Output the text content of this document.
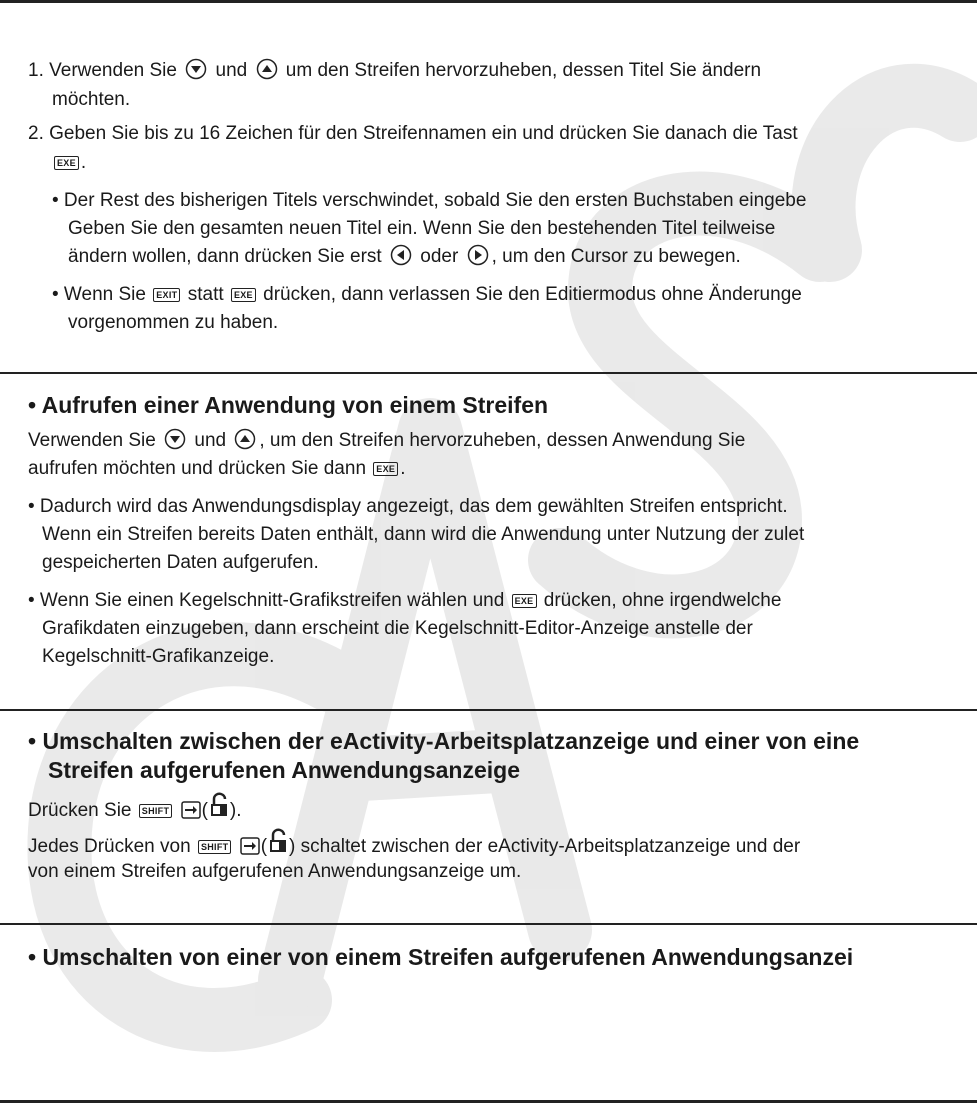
1. Verwenden Sie und um den Streifen hervorzuheben, dessen Titel Sie ändern
möchten.
2. Geben Sie bis zu 16 Zeichen für den Streifennamen ein und drücken Sie danach die Tast
EXE .
• Der Rest des bisherigen Titels verschwindet, sobald Sie den ersten Buchstaben eingebe
Geben Sie den gesamten neuen Titel ein. Wenn Sie den bestehenden Titel teilweise
ändern wollen, dann drücken Sie erst oder , um den Cursor zu bewegen.
• Wenn Sie EXIT statt EXE drücken, dann verlassen Sie den Editiermodus ohne Änderunge
vorgenommen zu haben.
• Aufrufen einer Anwendung von einem Streifen
Verwenden Sie und , um den Streifen hervorzuheben, dessen Anwendung Sie
aufrufen möchten und drücken Sie dann EXE .
• Dadurch wird das Anwendungsdisplay angezeigt, das dem gewählten Streifen entspricht.
Wenn ein Streifen bereits Daten enthält, dann wird die Anwendung unter Nutzung der zulet
gespeicherten Daten aufgerufen.
• Wenn Sie einen Kegelschnitt-Grafikstreifen wählen und EXE drücken, ohne irgendwelche
Grafikdaten einzugeben, dann erscheint die Kegelschnitt-Editor-Anzeige anstelle der
Kegelschnitt-Grafikanzeige.
• Umschalten zwischen der eActivity-Arbeitsplatzanzeige und einer von eine
Streifen aufgerufenen Anwendungsanzeige
Drücken Sie SHIFT ( ).
Jedes Drücken von SHIFT ( ) schaltet zwischen der eActivity-Arbeitsplatzanzeige und der
von einem Streifen aufgerufenen Anwendungsanzeige um.
• Umschalten von einer von einem Streifen aufgerufenen Anwendungsanzei
